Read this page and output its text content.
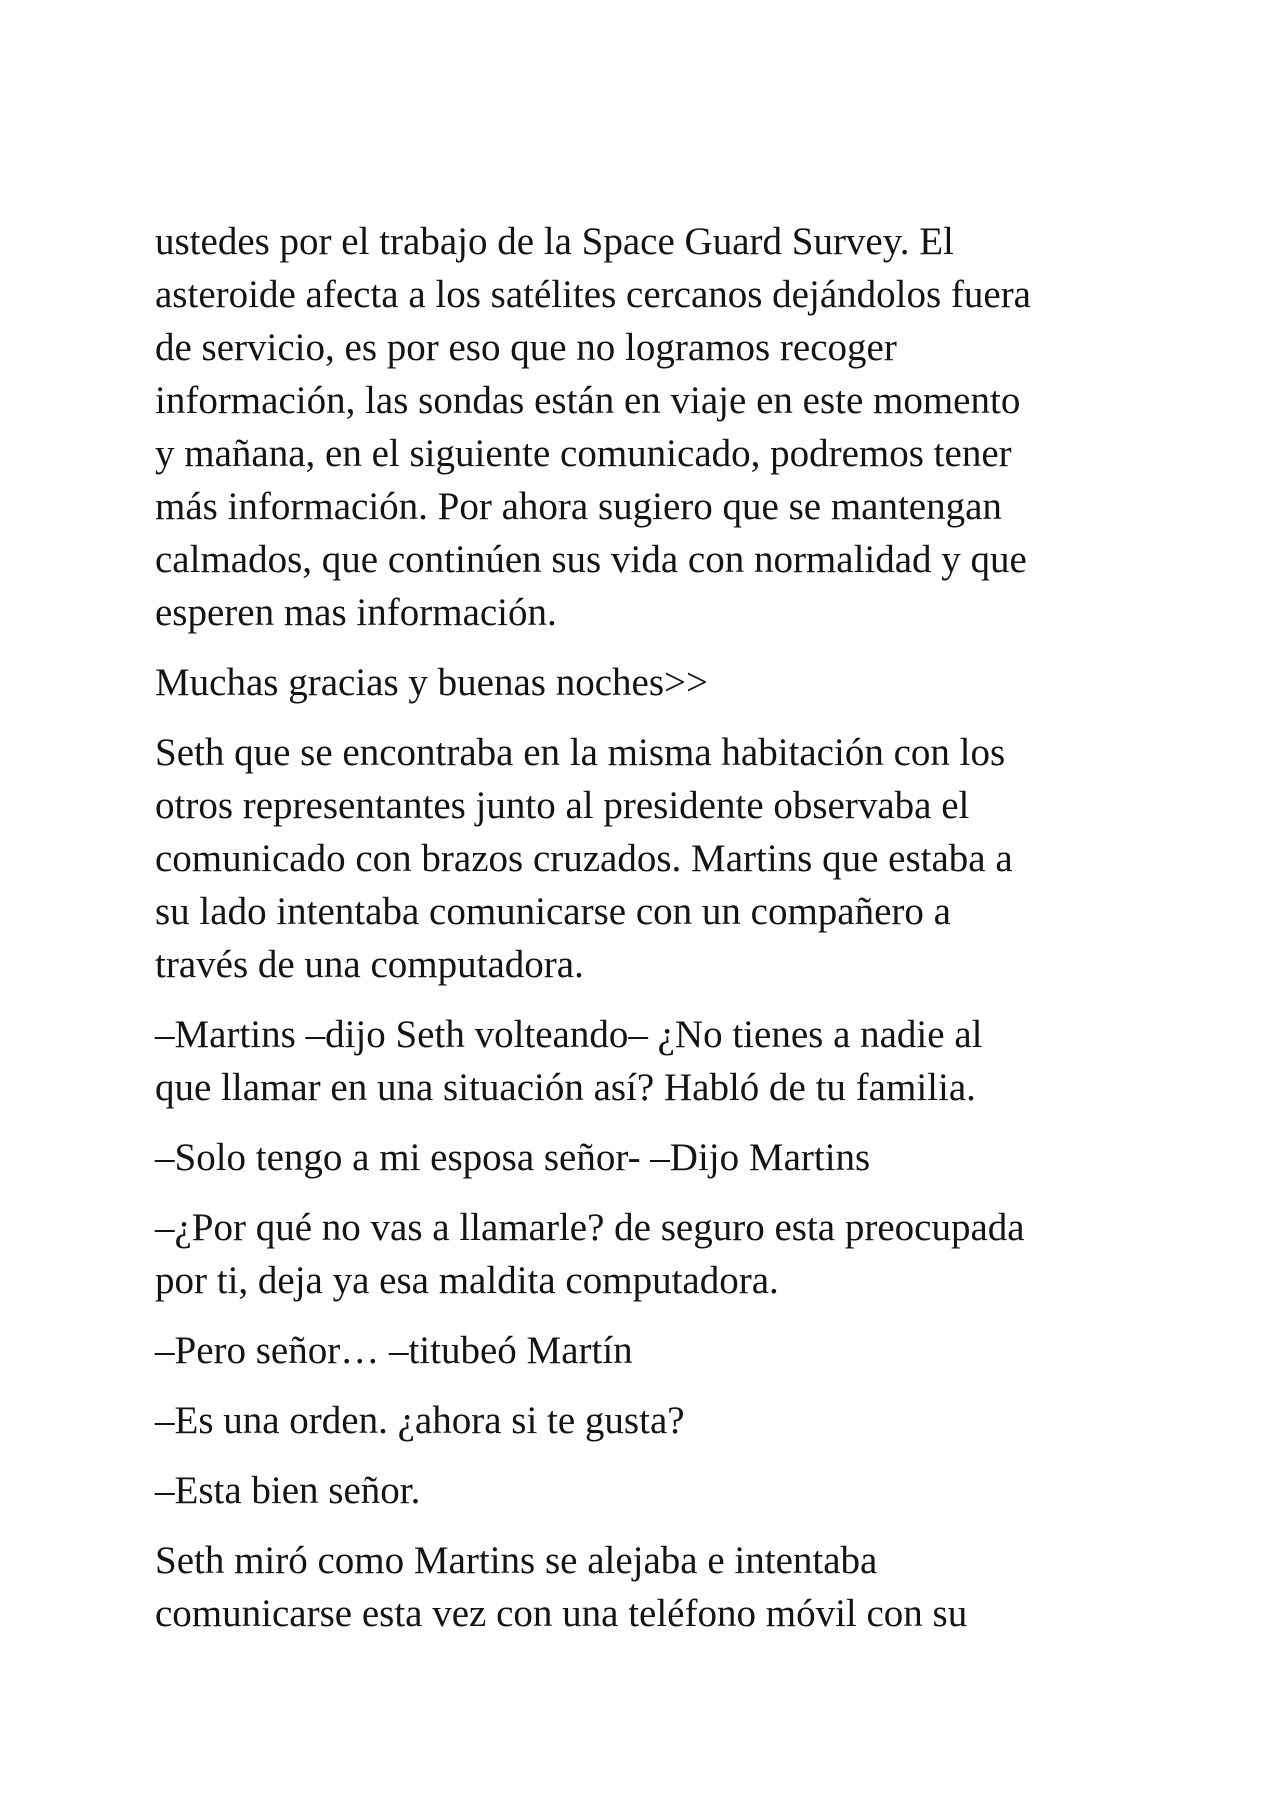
ustedes por el trabajo de la Space Guard Survey. El
asteroide afecta a los satélites cercanos dejándolos fuera
de servicio, es por eso que no logramos recoger
información, las sondas están en viaje en este momento
y mañana, en el siguiente comunicado, podremos tener
más información. Por ahora sugiero que se mantengan
calmados, que continúen sus vida con normalidad y que
esperen mas información.

Muchas gracias y buenas noches>>

Seth que se encontraba en la misma habitación con los
otros representantes junto al presidente observaba el
comunicado con brazos cruzados. Martins que estaba a
su lado intentaba comunicarse con un compañero a
través de una computadora.

–Martins –dijo Seth volteando– ¿No tienes a nadie al
que llamar en una situación así? Habló de tu familia.

–Solo tengo a mi esposa señor- –Dijo Martins

–¿Por qué no vas a llamarle? de seguro esta preocupada
por ti, deja ya esa maldita computadora.

–Pero señor… –titubeó Martín

–Es una orden. ¿ahora si te gusta?

–Esta bien señor.

Seth miró como Martins se alejaba e intentaba
comunicarse esta vez con una teléfono móvil con su
